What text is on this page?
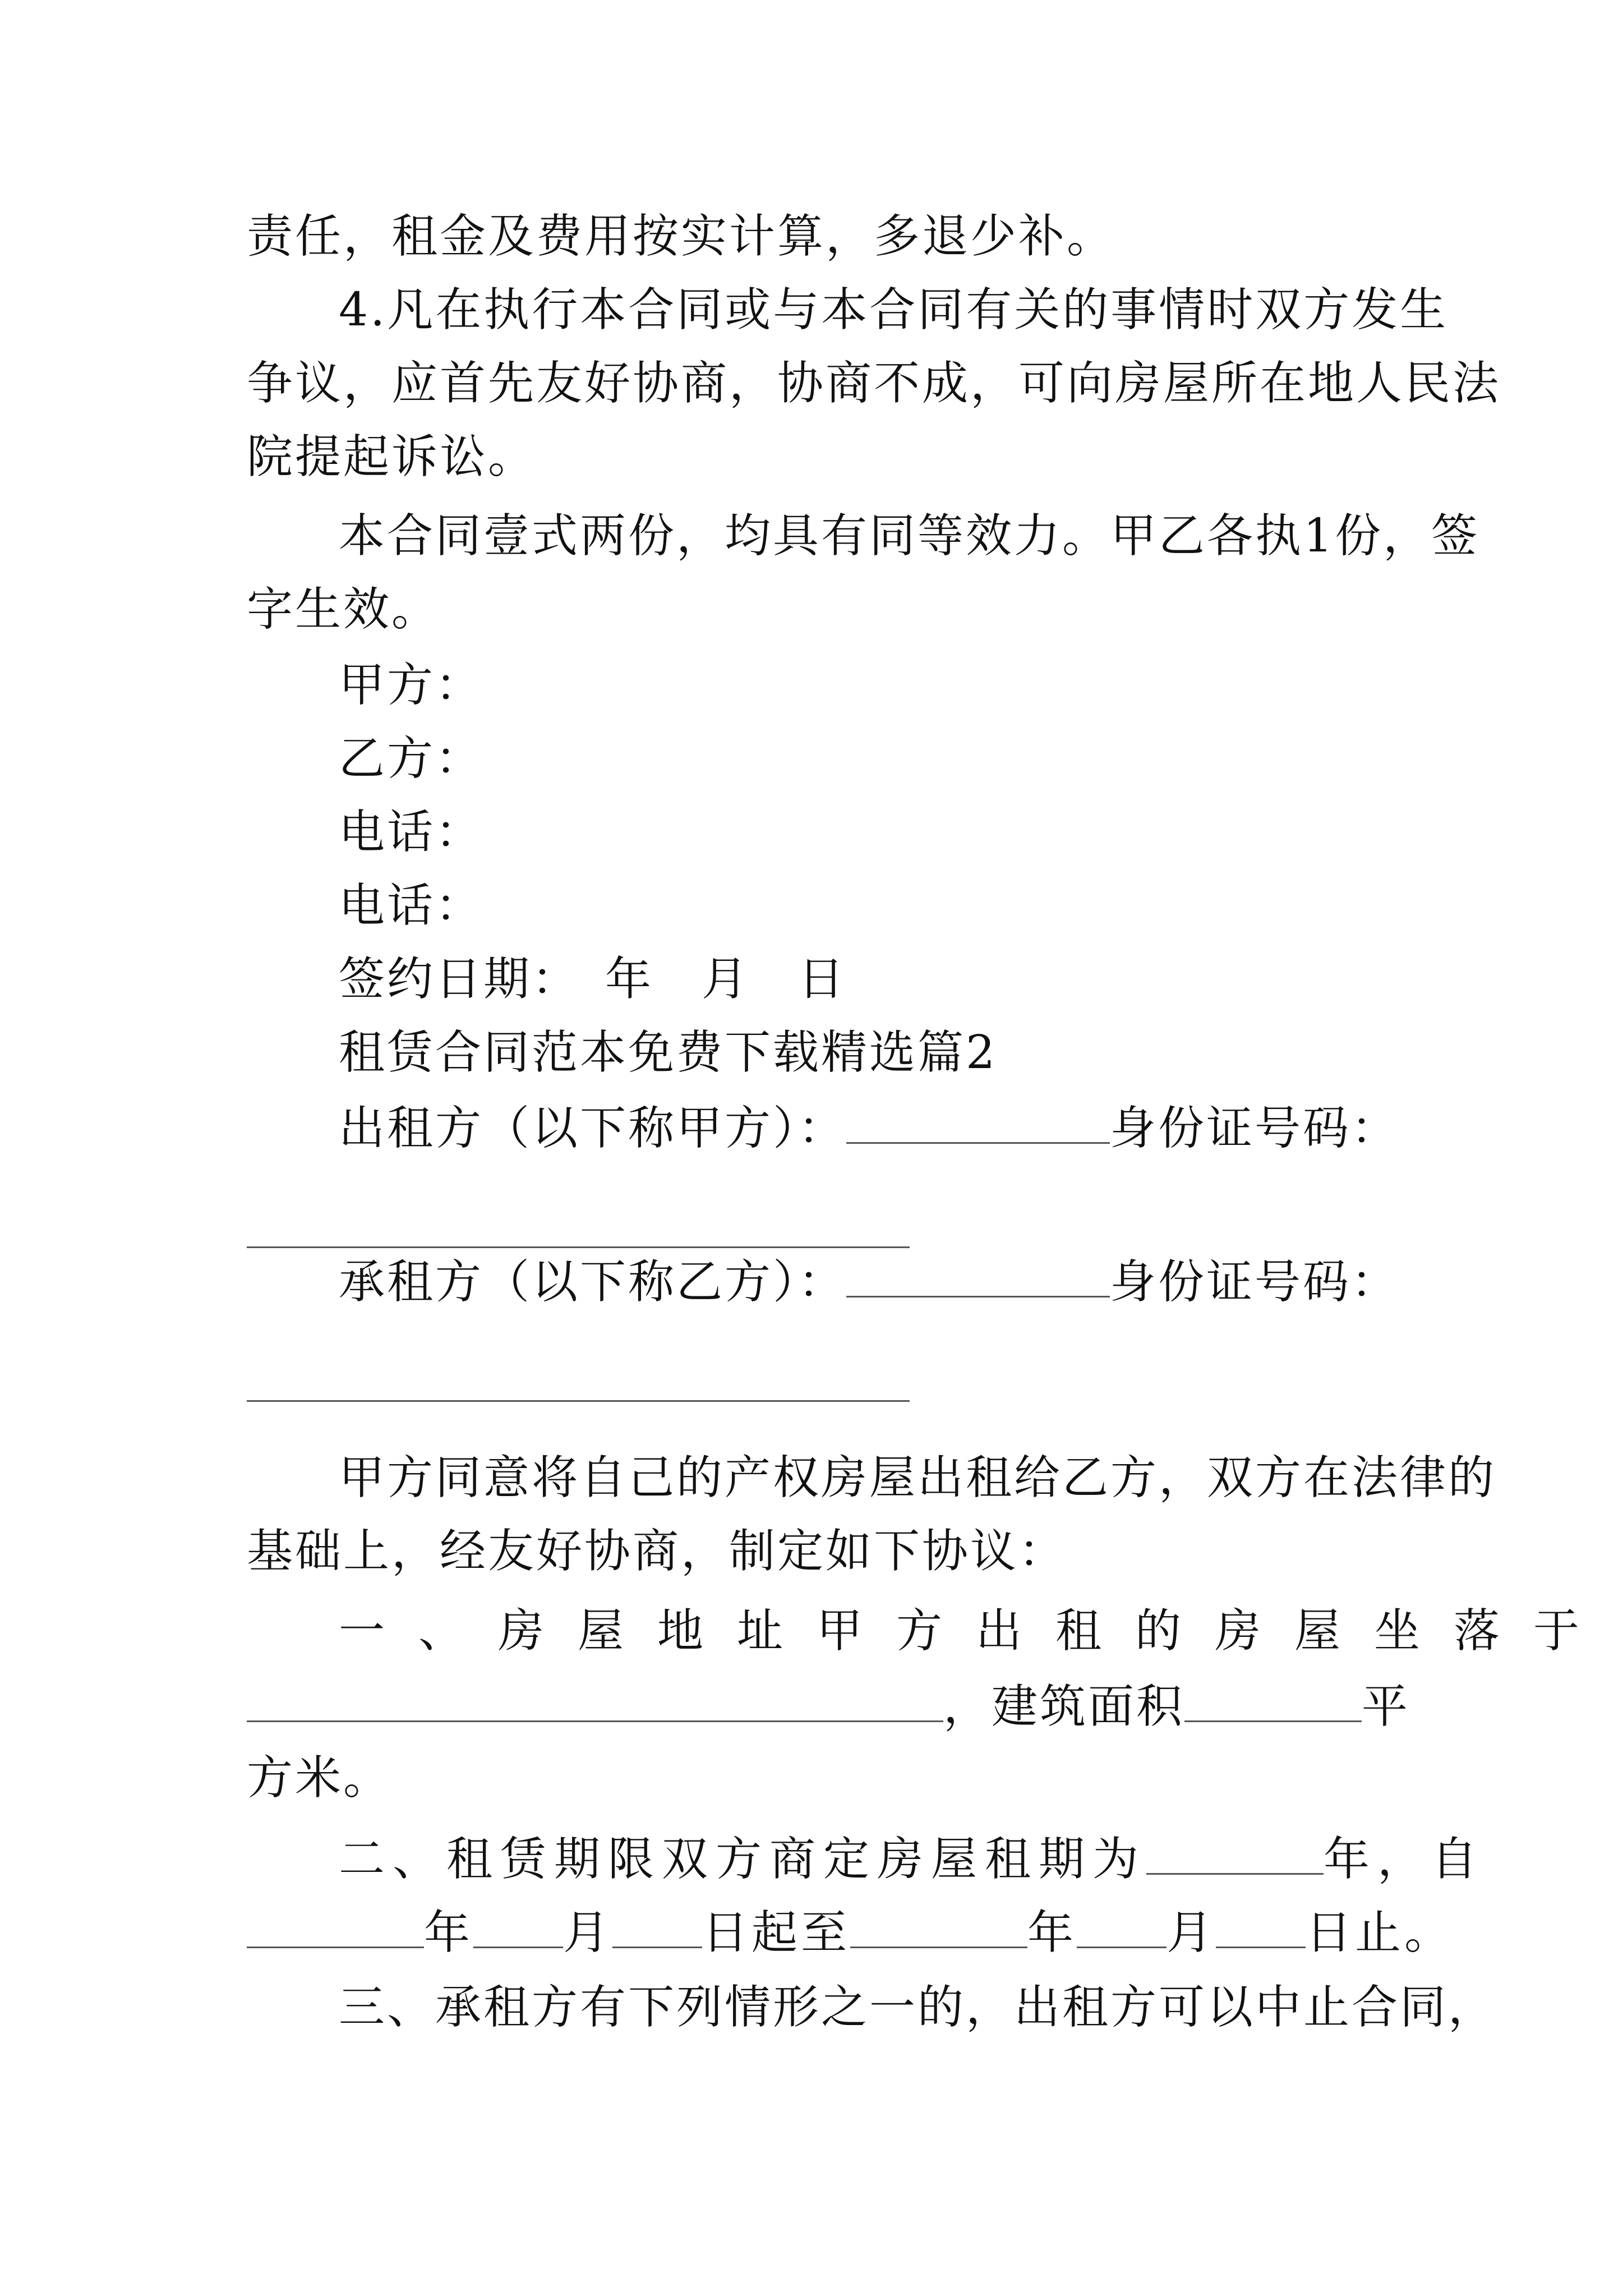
责任，租金及费用按实计算，多退少补。
4.凡在执行本合同或与本合同有关的事情时双方发生
争议，应首先友好协商，协商不成，可向房屋所在地人民法
院提起诉讼。
本合同壹式两份，均具有同等效力。甲乙各执1份，签
字生效。
甲方：
乙方：
电话：
电话：
签约日期：　年　月　日
租赁合同范本免费下载精选篇2
出租方（以下称甲方）：	身份证号码：
承租方（以下称乙方）：	身份证号码：
甲方同意将自己的产权房屋出租给乙方，双方在法律的
基础上，经友好协商，制定如下协议：
一、房屋地址甲方出租的房屋坐落于
，建筑面积	平
方米。
二、租赁期限双方商定房屋租期为	年，自
年 月 日起至	年 月 日止。
三、承租方有下列情形之一的，出租方可以中止合同，
